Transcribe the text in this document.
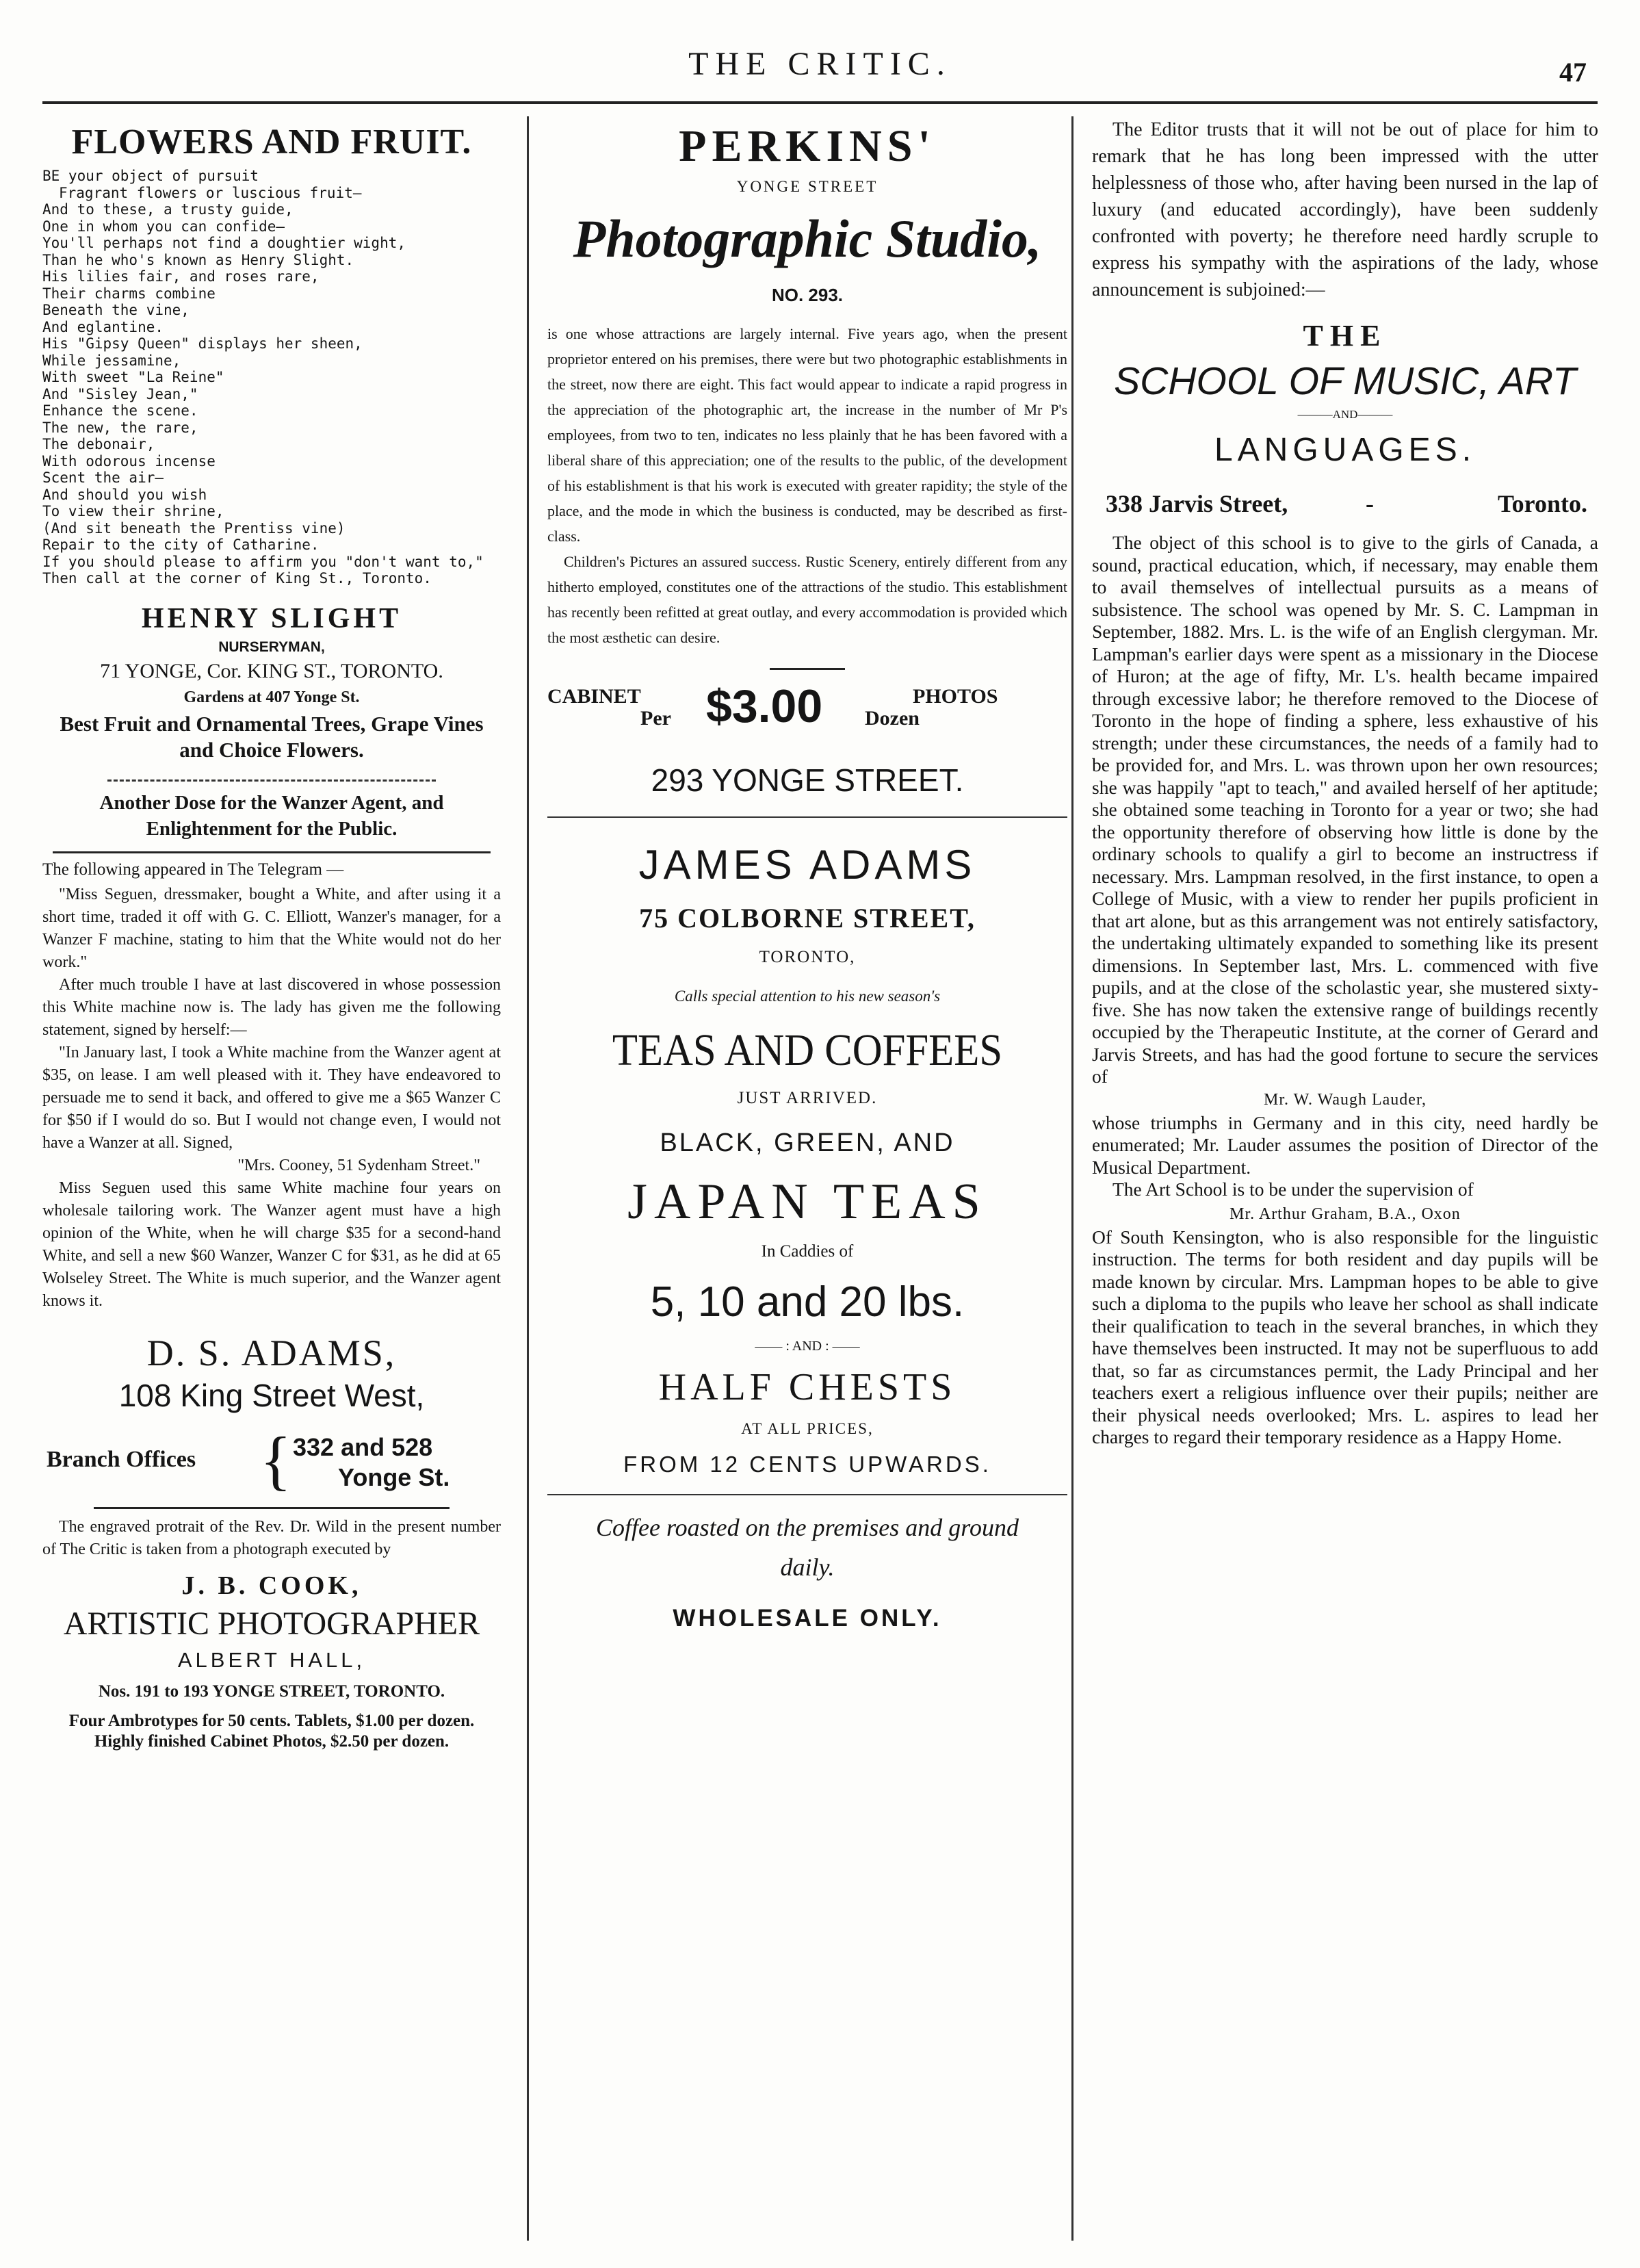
THE CRITIC.	47
FLOWERS AND FRUIT.
BE your object of pursuit
Fragrant flowers or luscious fruit—
And to these, a trusty guide,
One in whom you can confide—
You'll perhaps not find a doughtier wight,
Than he who's known as Henry Slight.
His lilies fair, and roses rare,
Their charms combine
Beneath the vine,
And eglantine.
His "Gipsy Queen" displays her sheen,
While jessamine,
With sweet "La Reine"
And "Sisley Jean,"
Enhance the scene.
The new, the rare,
The debonair,
With odorous incense
Scent the air—
And should you wish
To view their shrine,
(And sit beneath the Prentiss vine)
Repair to the city of Catharine.
If you should please to affirm you "don't want to,"
Then call at the corner of King St., Toronto.
HENRY SLIGHT
NURSERYMAN,
71 YONGE, Cor. KING ST., TORONTO.
Gardens at 407 Yonge St.
Best Fruit and Ornamental Trees, Grape Vines and Choice Flowers.
Another Dose for the Wanzer Agent, and Enlightenment for the Public.
The following appeared in The Telegram —
"Miss Seguen, dressmaker, bought a White, and after using it a short time, traded it off with G. C. Elliott, Wanzer's manager, for a Wanzer F machine, stating to him that the White would not do her work."
After much trouble I have at last discovered in whose possession this White machine now is. The lady has given me the following statement, signed by herself:—
"In January last, I took a White machine from the Wanzer agent at $35, on lease. I am well pleased with it. They have endeavored to persuade me to send it back, and offered to give me a $65 Wanzer C for $50 if I would do so. But I would not change even, I would not have a Wanzer at all. Signed,
"Mrs. Cooney, 51 Sydenham Street."
Miss Seguen used this same White machine four years on wholesale tailoring work. The Wanzer agent must have a high opinion of the White, when he will charge $35 for a second-hand White, and sell a new $60 Wanzer, Wanzer C for $31, as he did at 65 Wolseley Street. The White is much superior, and the Wanzer agent knows it.
D. S. ADAMS,
108 King Street West,
Branch Offices { 332 and 528
Yonge St.
The engraved protrait of the Rev. Dr. Wild in the present number of The Critic is taken from a photograph executed by
J. B. COOK,
ARTISTIC PHOTOGRAPHER
ALBERT HALL,
Nos. 191 to 193 YONGE STREET, TORONTO.
Four Ambrotypes for 50 cents. Tablets, $1.00 per dozen. Highly finished Cabinet Photos, $2.50 per dozen.
PERKINS'
YONGE STREET
Photographic Studio,
NO. 293.
is one whose attractions are largely internal. Five years ago, when the present proprietor entered on his premises, there were but two photographic establishments in the street, now there are eight. This fact would appear to indicate a rapid progress in the appreciation of the photographic art, the increase in the number of Mr P's employees, from two to ten, indicates no less plainly that he has been favored with a liberal share of this appreciation; one of the results to the public, of the development of his establishment is that his work is executed with greater rapidity; the style of the place, and the mode in which the business is conducted, may be described as first-class.
Children's Pictures an assured success. Rustic Scenery, entirely different from any hitherto employed, constitutes one of the attractions of the studio. This establishment has recently been refitted at great outlay, and every accommodation is provided which the most æsthetic can desire.
CABINET
Per $3.00	PHOTOS
Dozen
293 YONGE STREET.
JAMES ADAMS
75 COLBORNE STREET,
TORONTO,
Calls special attention to his new season's
TEAS AND COFFEES
JUST ARRIVED.
BLACK, GREEN, AND
JAPAN TEAS
In Caddies of
5, 10 and 20 lbs.
—— : AND : ——
HALF CHESTS
AT ALL PRICES,
FROM 12 CENTS UPWARDS.
Coffee roasted on the premises and ground daily.
WHOLESALE ONLY.
The Editor trusts that it will not be out of place for him to remark that he has long been impressed with the utter helplessness of those who, after having been nursed in the lap of luxury (and educated accordingly), have been suddenly confronted with poverty; he therefore need hardly scruple to express his sympathy with the aspirations of the lady, whose announcement is subjoined:—
THE
SCHOOL OF MUSIC, ART
———AND———
LANGUAGES.
338 Jarvis Street,	-	Toronto.
The object of this school is to give to the girls of Canada, a sound, practical education, which, if necessary, may enable them to avail themselves of intellectual pursuits as a means of subsistence. The school was opened by Mr. S. C. Lampman in September, 1882. Mrs. L. is the wife of an English clergyman. Mr. Lampman's earlier days were spent as a missionary in the Diocese of Huron; at the age of fifty, Mr. L's. health became impaired through excessive labor; he therefore removed to the Diocese of Toronto in the hope of finding a sphere, less exhaustive of his strength; under these circumstances, the needs of a family had to be provided for, and Mrs. L. was thrown upon her own resources; she was happily "apt to teach," and availed herself of her aptitude; she obtained some teaching in Toronto for a year or two; she had the opportunity therefore of observing how little is done by the ordinary schools to qualify a girl to become an instructress if necessary. Mrs. Lampman resolved, in the first instance, to open a College of Music, with a view to render her pupils proficient in that art alone, but as this arrangement was not entirely satisfactory, the undertaking ultimately expanded to something like its present dimensions. In September last, Mrs. L. commenced with five pupils, and at the close of the scholastic year, she mustered sixty-five. She has now taken the extensive range of buildings recently occupied by the Therapeutic Institute, at the corner of Gerard and Jarvis Streets, and has had the good fortune to secure the services of
Mr. W. Waugh Lauder,
whose triumphs in Germany and in this city, need hardly be enumerated; Mr. Lauder assumes the position of Director of the Musical Department.
The Art School is to be under the supervision of
Mr. Arthur Graham, B.A., Oxon
Of South Kensington, who is also responsible for the linguistic instruction. The terms for both resident and day pupils will be made known by circular. Mrs. Lampman hopes to be able to give such a diploma to the pupils who leave her school as shall indicate their qualification to teach in the several branches, in which they have themselves been instructed. It may not be superfluous to add that, so far as circumstances permit, the Lady Principal and her teachers exert a religious influence over their pupils; neither are their physical needs overlooked; Mrs. L. aspires to lead her charges to regard their temporary residence as a Happy Home.
